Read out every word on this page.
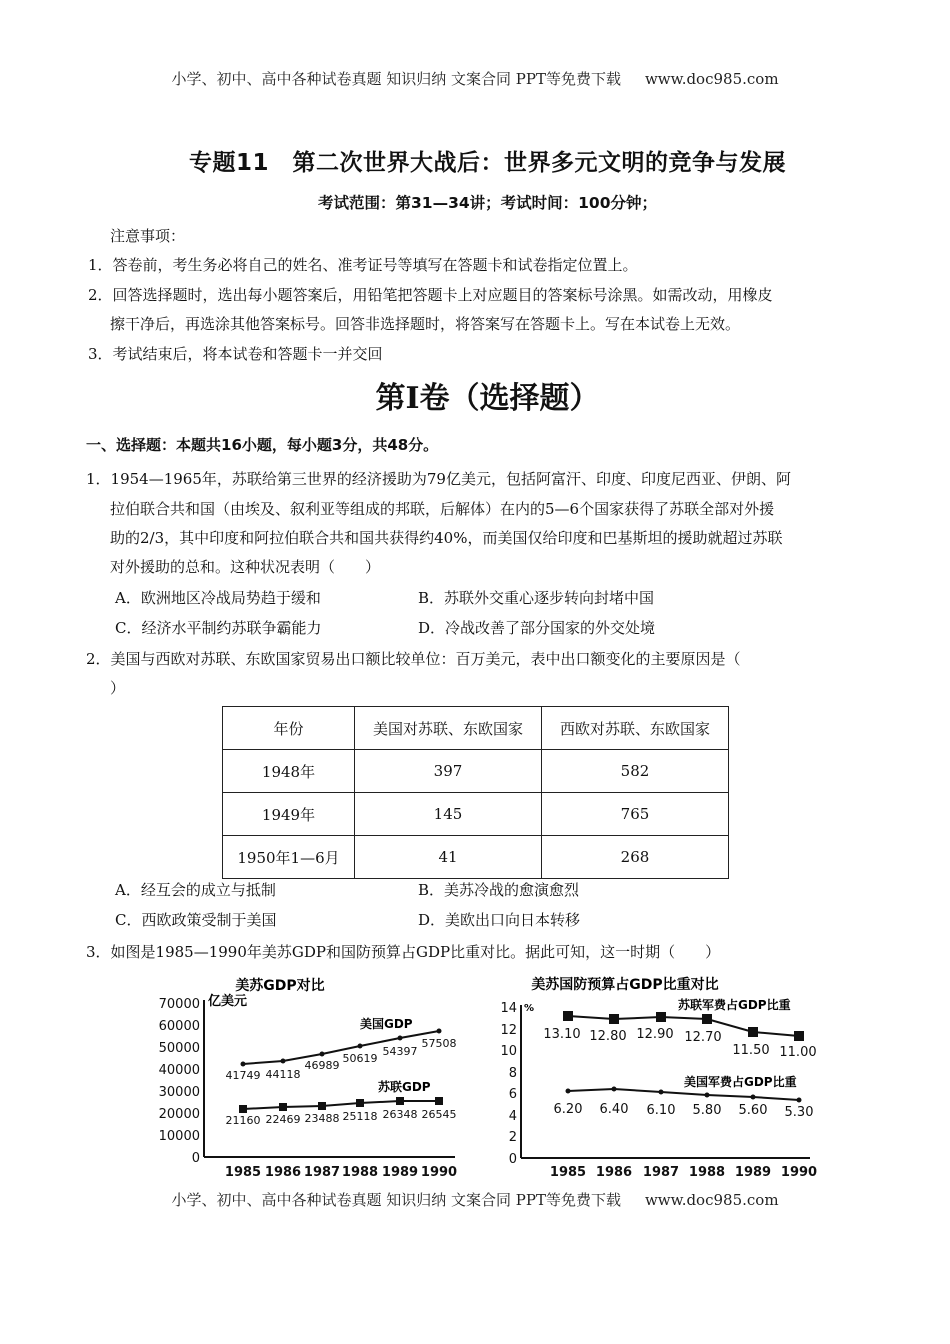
小学、初中、高中各种试卷真题 知识归纳 文案合同 PPT等免费下载 www.doc985.com
专题11　第二次世界大战后：世界多元文明的竞争与发展
考试范围：第31—34讲；考试时间：100分钟；
注意事项：
1．答卷前，考生务必将自己的姓名、准考证号等填写在答题卡和试卷指定位置上。
2．回答选择题时，选出每小题答案后，用铅笔把答题卡上对应题目的答案标号涂黑。如需改动，用橡皮
擦干净后，再选涂其他答案标号。回答非选择题时，将答案写在答题卡上。写在本试卷上无效。
3．考试结束后，将本试卷和答题卡一并交回
第I卷（选择题）
一、选择题：本题共16小题，每小题3分，共48分。
1．1954—1965年，苏联给第三世界的经济援助为79亿美元，包括阿富汗、印度、印度尼西亚、伊朗、阿
拉伯联合共和国（由埃及、叙利亚等组成的邦联，后解体）在内的5—6个国家获得了苏联全部对外援
助的2/3，其中印度和阿拉伯联合共和国共获得约40%，而美国仅给印度和巴基斯坦的援助就超过苏联
对外援助的总和。这种状况表明（　　）
A．欧洲地区冷战局势趋于缓和	B．苏联外交重心逐步转向封堵中国
C．经济水平制约苏联争霸能力	D．冷战改善了部分国家的外交处境
2．美国与西欧对苏联、东欧国家贸易出口额比较单位：百万美元，表中出口额变化的主要原因是（
）
年份	美国对苏联、东欧国家	西欧对苏联、东欧国家
1948年	397	582
1949年	145	765
1950年1—6月	41	268
A．经互会的成立与抵制	B．美苏冷战的愈演愈烈
C．西欧政策受制于美国	D．美欧出口向日本转移
3．如图是1985—1990年美苏GDP和国防预算占GDP比重对比。据此可知，这一时期（　　）
美苏GDP对比
亿美元
0
10000
20000
30000
40000
50000
60000
70000
1985 1986 1987 1988 1989 1990
美国GDP
41749 44118
46989
50619
54397
57508
苏联GDP
21160 22469 23488 25118 26348 26545
美苏国防预算占GDP比重对比
%
0
2
4
6
8
10
12
14
1985 1986 1987 1988 1989 1990
苏联军费占GDP比重
13.10 12.80 12.90 12.70
11.50 11.00
美国军费占GDP比重
6.20 6.40 6.10 5.80 5.60 5.30
小学、初中、高中各种试卷真题 知识归纳 文案合同 PPT等免费下载 www.doc985.com
